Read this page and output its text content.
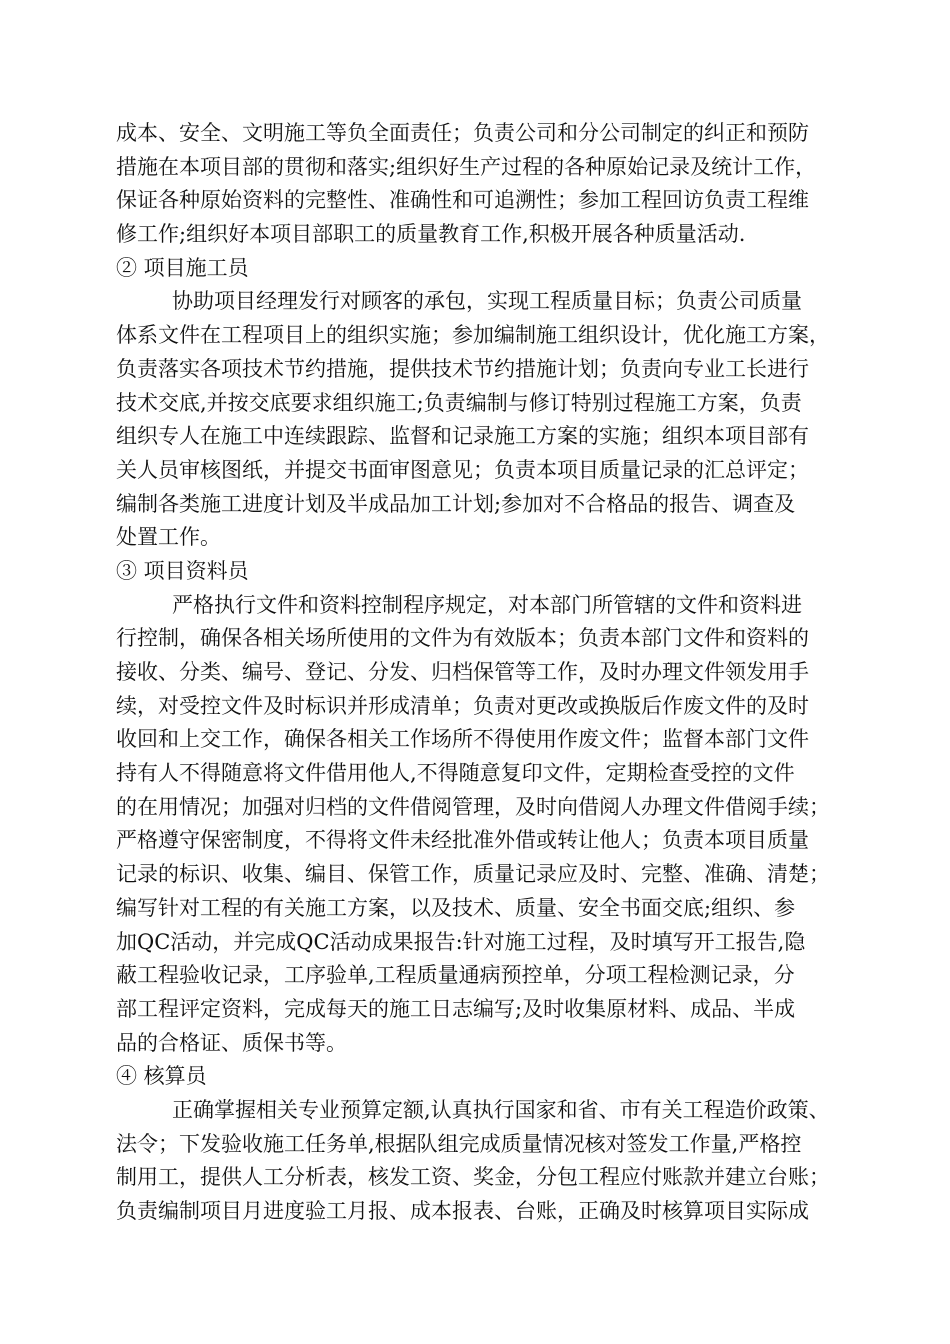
成本、安全、文明施工等负全面责任；负责公司和分公司制定的纠正和预防
措施在本项目部的贯彻和落实;组织好生产过程的各种原始记录及统计工作，
保证各种原始资料的完整性、准确性和可追溯性；参加工程回访负责工程维
修工作;组织好本项目部职工的质量教育工作,积极开展各种质量活动.
② 项目施工员
协助项目经理发行对顾客的承包，实现工程质量目标；负责公司质量
体系文件在工程项目上的组织实施；参加编制施工组织设计，优化施工方案，
负责落实各项技术节约措施，提供技术节约措施计划；负责向专业工长进行
技术交底,并按交底要求组织施工;负责编制与修订特别过程施工方案，负责
组织专人在施工中连续跟踪、监督和记录施工方案的实施；组织本项目部有
关人员审核图纸，并提交书面审图意见；负责本项目质量记录的汇总评定；
编制各类施工进度计划及半成品加工计划;参加对不合格品的报告、调查及
处置工作。
③ 项目资料员
严格执行文件和资料控制程序规定，对本部门所管辖的文件和资料进
行控制，确保各相关场所使用的文件为有效版本；负责本部门文件和资料的
接收、分类、编号、登记、分发、归档保管等工作，及时办理文件领发用手
续，对受控文件及时标识并形成清单；负责对更改或换版后作废文件的及时
收回和上交工作，确保各相关工作场所不得使用作废文件；监督本部门文件
持有人不得随意将文件借用他人,不得随意复印文件，定期检查受控的文件
的在用情况；加强对归档的文件借阅管理，及时向借阅人办理文件借阅手续；
严格遵守保密制度，不得将文件未经批准外借或转让他人；负责本项目质量
记录的标识、收集、编目、保管工作，质量记录应及时、完整、准确、清楚；
编写针对工程的有关施工方案，以及技术、质量、安全书面交底;组织、参
加QC活动，并完成QC活动成果报告:针对施工过程，及时填写开工报告,隐
蔽工程验收记录，工序验单,工程质量通病预控单，分项工程检测记录，分
部工程评定资料，完成每天的施工日志编写;及时收集原材料、成品、半成
品的合格证、质保书等。
④ 核算员
正确掌握相关专业预算定额,认真执行国家和省、市有关工程造价政策、
法令；下发验收施工任务单,根据队组完成质量情况核对签发工作量,严格控
制用工，提供人工分析表，核发工资、奖金，分包工程应付账款并建立台账；
负责编制项目月进度验工月报、成本报表、台账，正确及时核算项目实际成
